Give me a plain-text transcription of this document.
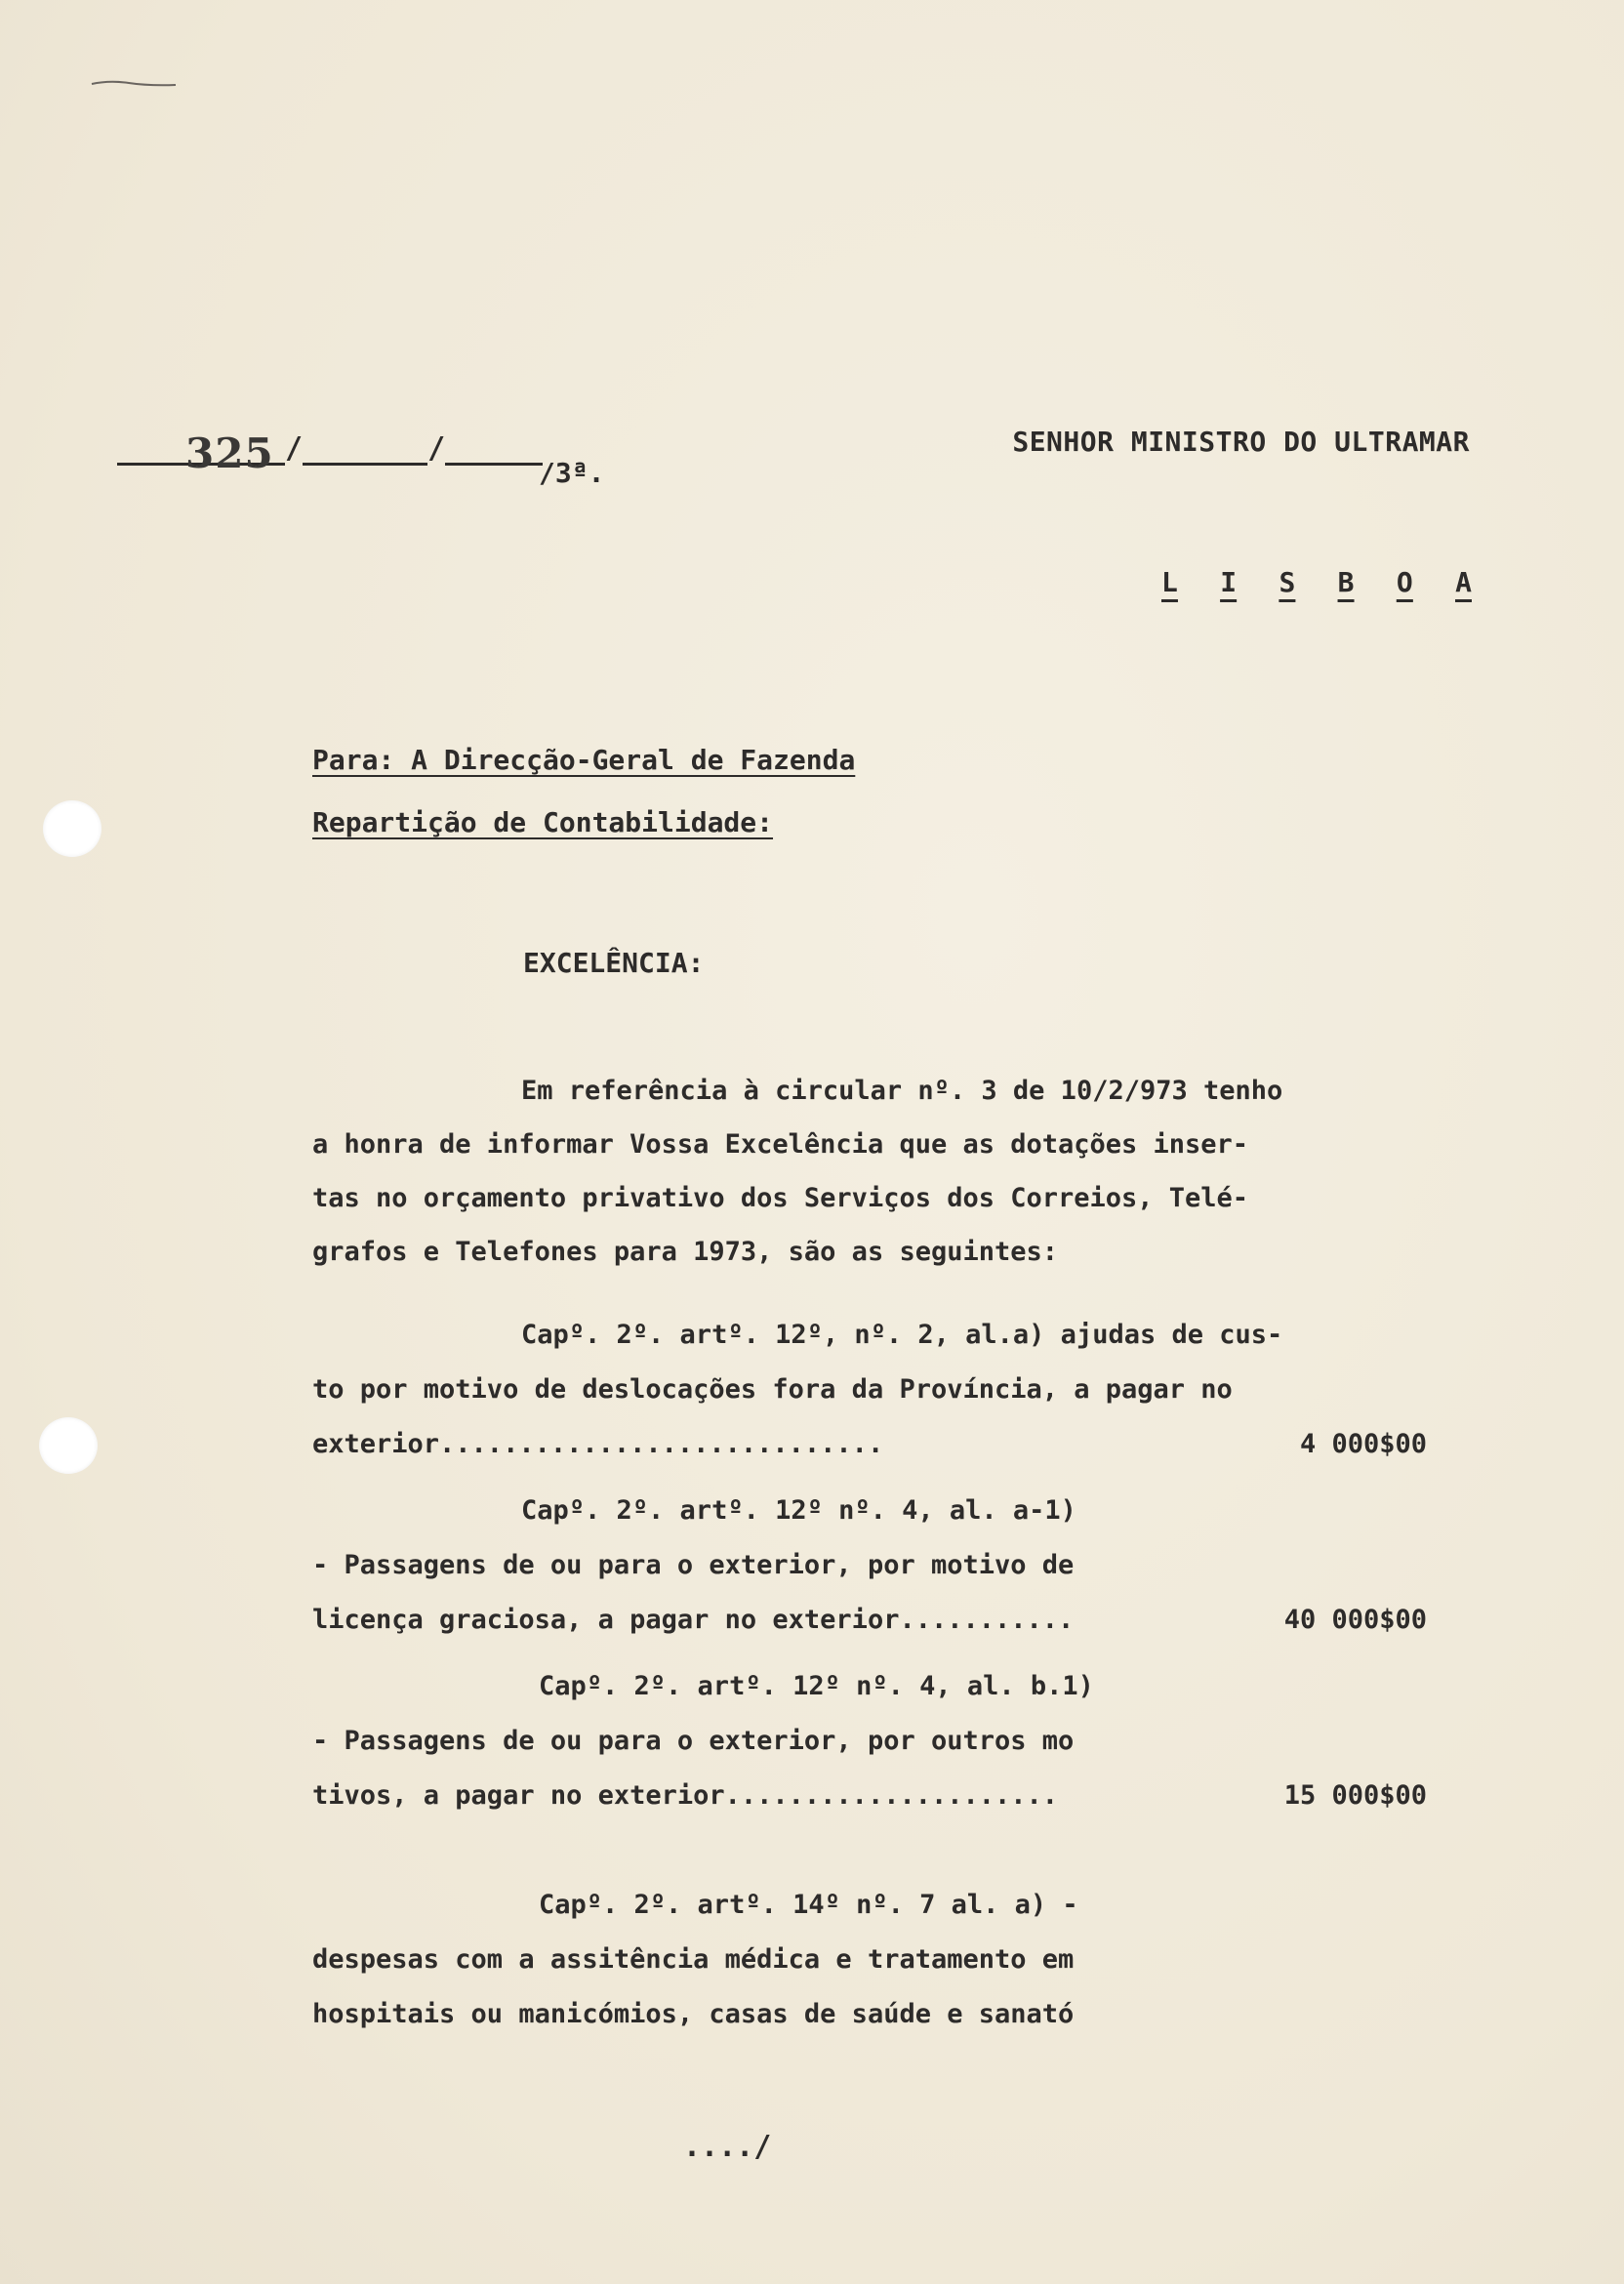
/	/
325	/3ª.
SENHOR MINISTRO DO ULTRAMAR
L I S B O A
Para: A Direcção-Geral de Fazenda
Repartição de Contabilidade:
EXCELÊNCIA:
Em referência à circular nº. 3 de 10/2/973 tenho
a honra de informar Vossa Excelência que as dotações inser-
tas no orçamento privativo dos Serviços dos Correios, Telé-
grafos e Telefones para 1973, são as seguintes:
Capº. 2º. artº. 12º, nº. 2, al.a) ajudas de cus-
to por motivo de deslocações fora da Província, a pagar no
exterior............................	4 000$00
Capº. 2º. artº. 12º nº. 4, al. a-1)
- Passagens de ou para o exterior, por motivo de
licença graciosa, a pagar no exterior...........	40 000$00
Capº. 2º. artº. 12º nº. 4, al. b.1)
- Passagens de ou para o exterior, por outros mo
tivos, a pagar no exterior.....................	15 000$00
Capº. 2º. artº. 14º nº. 7 al. a) -
despesas com a assitência médica e tratamento em
hospitais ou manicómios, casas de saúde e sanató
..../
